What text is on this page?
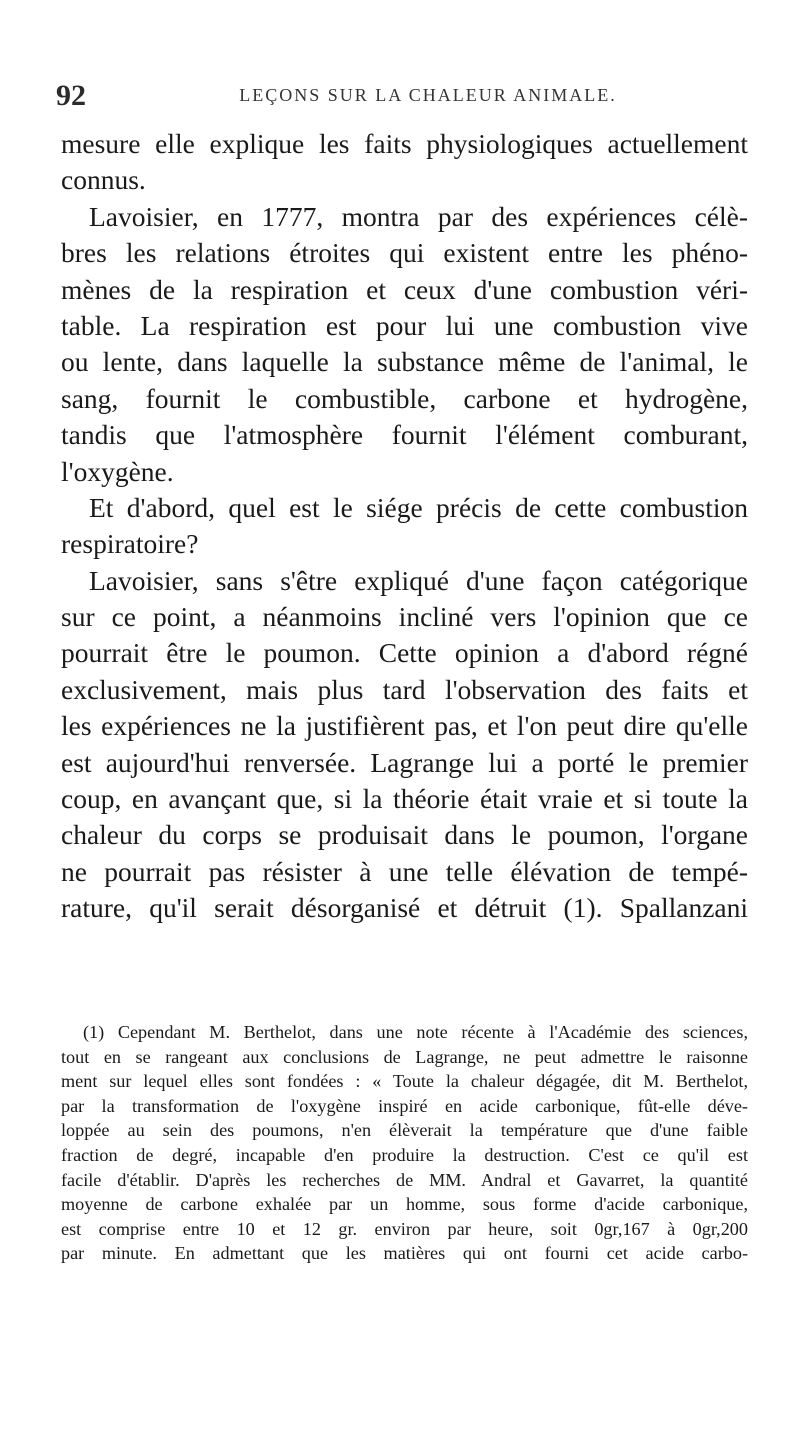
92	LEÇONS SUR LA CHALEUR ANIMALE.
mesure elle explique les faits physiologiques actuellement
connus.
Lavoisier, en 1777, montra par des expériences célè-
bres les relations étroites qui existent entre les phéno-
mènes de la respiration et ceux d'une combustion véri-
table. La respiration est pour lui une combustion vive
ou lente, dans laquelle la substance même de l'animal, le
sang, fournit le combustible, carbone et hydrogène,
tandis que l'atmosphère fournit l'élément comburant,
l'oxygène.
Et d'abord, quel est le siége précis de cette combustion
respiratoire?
Lavoisier, sans s'être expliqué d'une façon catégorique
sur ce point, a néanmoins incliné vers l'opinion que ce
pourrait être le poumon. Cette opinion a d'abord régné
exclusivement, mais plus tard l'observation des faits et
les expériences ne la justifièrent pas, et l'on peut dire qu'elle
est aujourd'hui renversée. Lagrange lui a porté le premier
coup, en avançant que, si la théorie était vraie et si toute la
chaleur du corps se produisait dans le poumon, l'organe
ne pourrait pas résister à une telle élévation de tempé-
rature, qu'il serait désorganisé et détruit (1). Spallanzani
(1) Cependant M. Berthelot, dans une note récente à l'Académie des sciences,
tout en se rangeant aux conclusions de Lagrange, ne peut admettre le raisonne
ment sur lequel elles sont fondées : « Toute la chaleur dégagée, dit M. Berthelot,
par la transformation de l'oxygène inspiré en acide carbonique, fût-elle déve-
loppée au sein des poumons, n'en élèverait la température que d'une faible
fraction de degré, incapable d'en produire la destruction. C'est ce qu'il est
facile d'établir. D'après les recherches de MM. Andral et Gavarret, la quantité
moyenne de carbone exhalée par un homme, sous forme d'acide carbonique,
est comprise entre 10 et 12 gr. environ par heure, soit 0gr,167 à 0gr,200
par minute. En admettant que les matières qui ont fourni cet acide carbo-
